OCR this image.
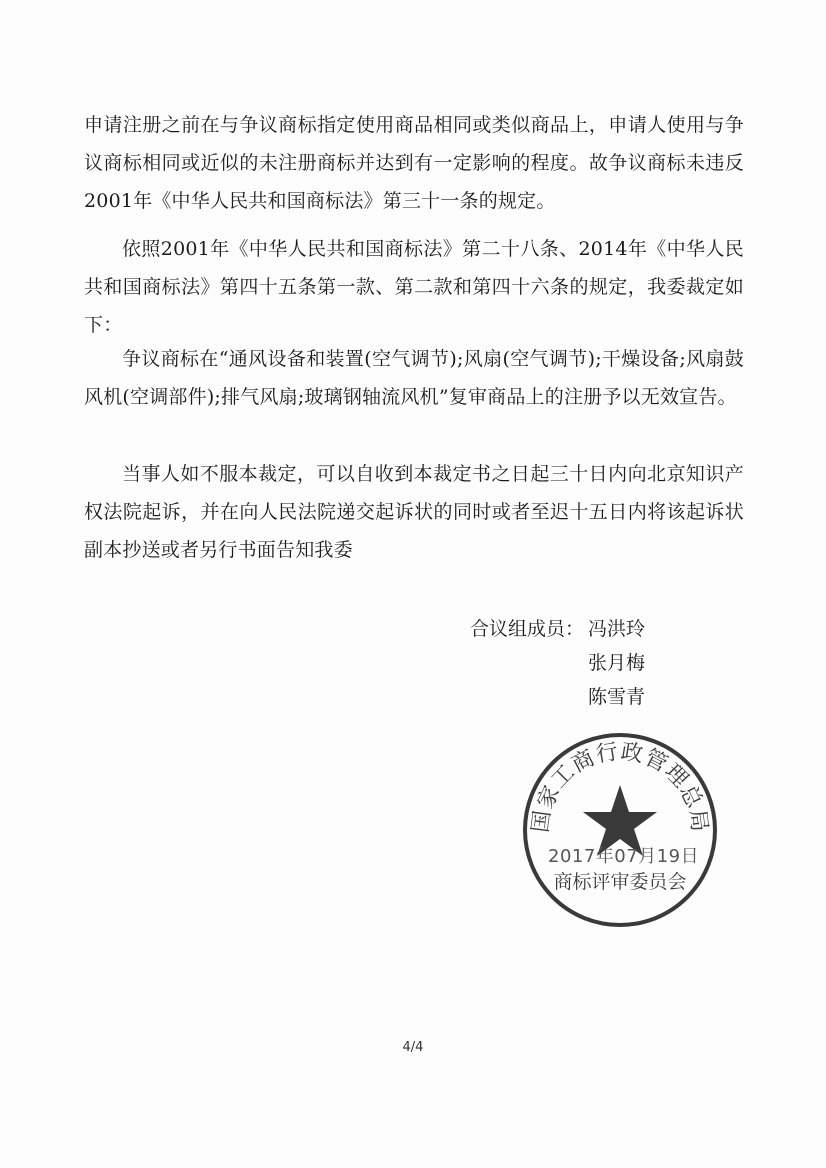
申请注册之前在与争议商标指定使用商品相同或类似商品上，申请人使用与争议商标相同或近似的未注册商标并达到有一定影响的程度。故争议商标未违反2001年《中华人民共和国商标法》第三十一条的规定。

依照2001年《中华人民共和国商标法》第二十八条、2014年《中华人民共和国商标法》第四十五条第一款、第二款和第四十六条的规定，我委裁定如下：

争议商标在“通风设备和装置(空气调节);风扇(空气调节);干燥设备;风扇鼓风机(空调部件);排气风扇;玻璃钢轴流风机”复审商品上的注册予以无效宣告。

当事人如不服本裁定，可以自收到本裁定书之日起三十日内向北京知识产权法院起诉，并在向人民法院递交起诉状的同时或者至迟十五日内将该起诉状副本抄送或者另行书面告知我委

合议组成员： 冯洪玲
张月梅
陈雪青
国家工商行政管理总局
商标评审委员会
2017年07月19日
4/4
